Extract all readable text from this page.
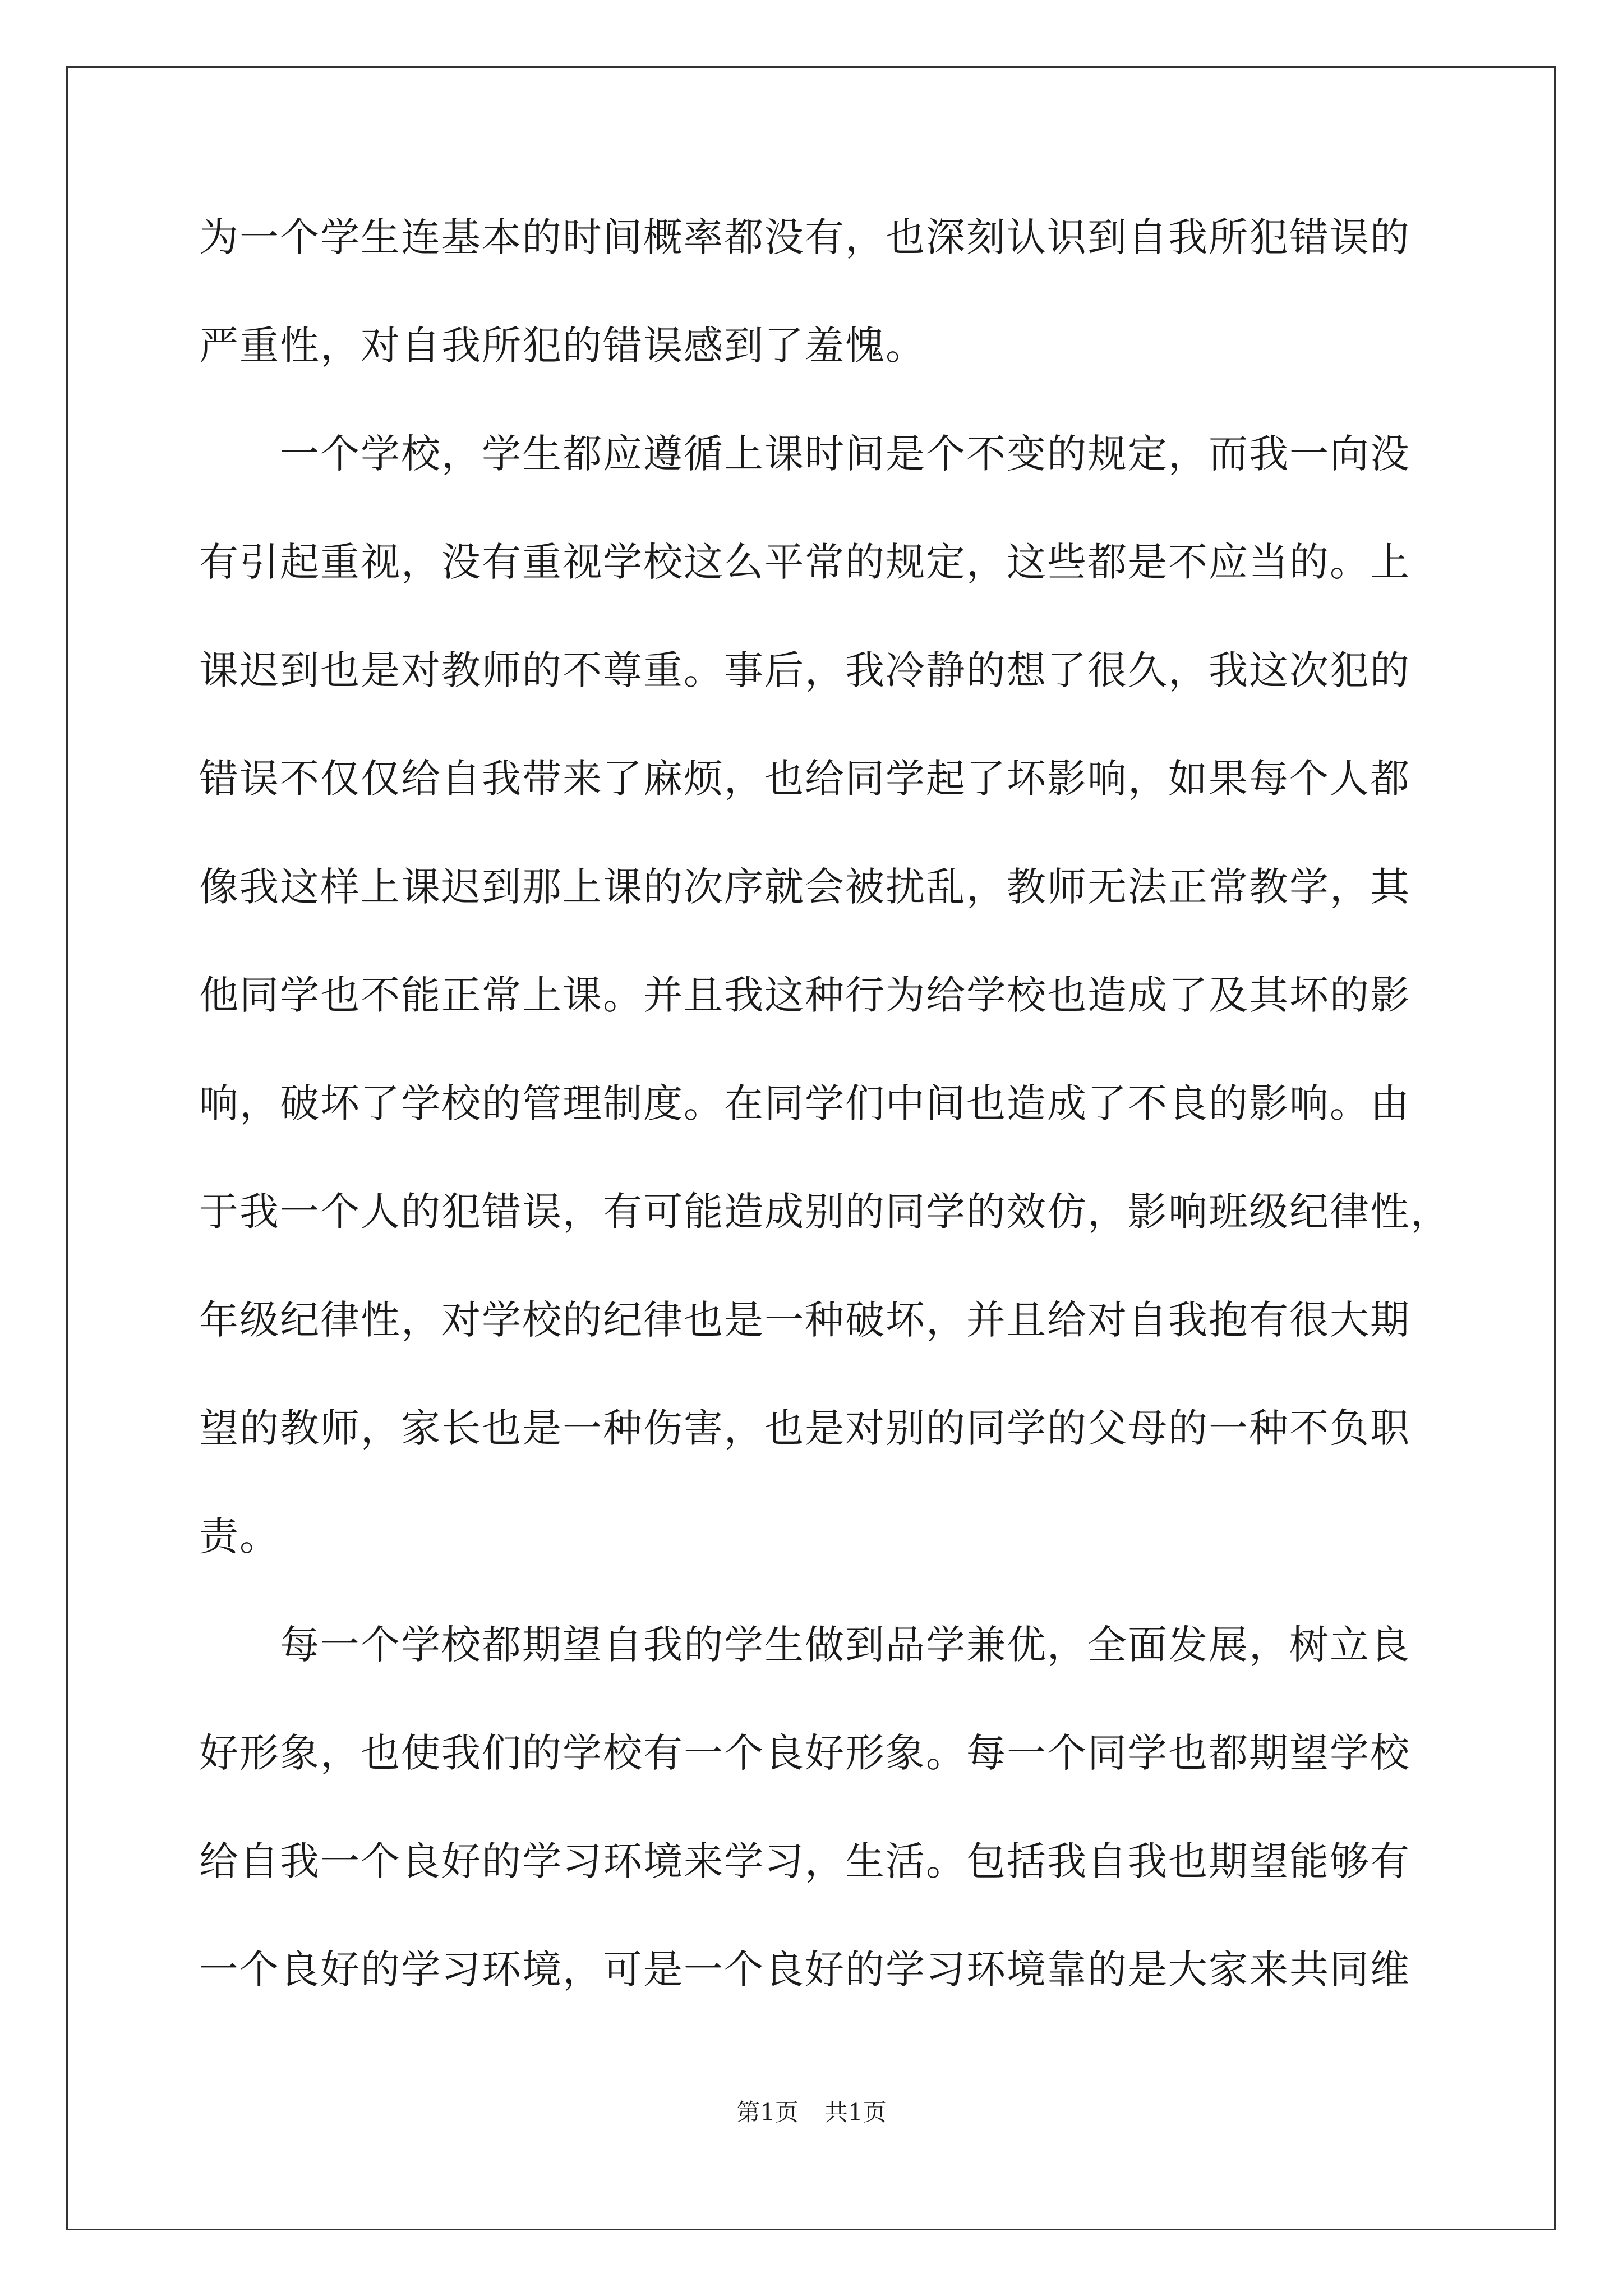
为一个学生连基本的时间概率都没有，也深刻认识到自我所犯错误的
严重性，对自我所犯的错误感到了羞愧。
　　一个学校，学生都应遵循上课时间是个不变的规定，而我一向没
有引起重视，没有重视学校这么平常的规定，这些都是不应当的。上
课迟到也是对教师的不尊重。事后，我冷静的想了很久，我这次犯的
错误不仅仅给自我带来了麻烦，也给同学起了坏影响，如果每个人都
像我这样上课迟到那上课的次序就会被扰乱，教师无法正常教学，其
他同学也不能正常上课。并且我这种行为给学校也造成了及其坏的影
响，破坏了学校的管理制度。在同学们中间也造成了不良的影响。由
于我一个人的犯错误，有可能造成别的同学的效仿，影响班级纪律性，
年级纪律性，对学校的纪律也是一种破坏，并且给对自我抱有很大期
望的教师，家长也是一种伤害，也是对别的同学的父母的一种不负职
责。
　　每一个学校都期望自我的学生做到品学兼优，全面发展，树立良
好形象，也使我们的学校有一个良好形象。每一个同学也都期望学校
给自我一个良好的学习环境来学习，生活。包括我自我也期望能够有
一个良好的学习环境，可是一个良好的学习环境靠的是大家来共同维
第1页 共1页
